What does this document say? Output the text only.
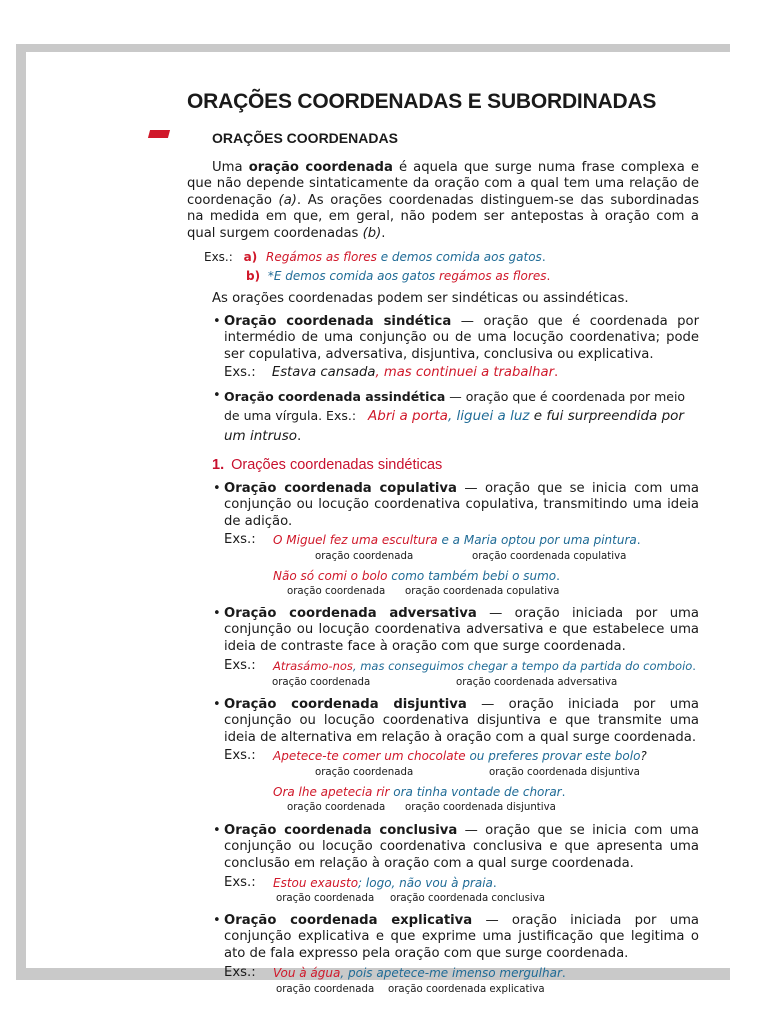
ORAÇÕES COORDENADAS E SUBORDINADAS
ORAÇÕES COORDENADAS
Uma oração coordenada é aquela que surge numa frase complexa e que não depende sintaticamente da oração com a qual tem uma relação de coordenação (a). As orações coordenadas distinguem-se das subordinadas na medida em que, em geral, não podem ser antepostas à oração com a qual surgem coordenadas (b).
Exs.: a) Regámos as flores e demos comida aos gatos.
b) *E demos comida aos gatos regámos as flores.
As orações coordenadas podem ser sindéticas ou assindéticas.
• Oração coordenada sindética — oração que é coordenada por intermédio de uma conjunção ou de uma locução coordenativa; pode ser copulativa, adversativa, disjuntiva, conclusiva ou explicativa.
Exs.: Estava cansada, mas continuei a trabalhar.
• Oração coordenada assindética — oração que é coordenada por meio de uma vírgula. Exs.: Abri a porta, liguei a luz e fui surpreendida por um intruso.
1. Orações coordenadas sindéticas
• Oração coordenada copulativa — oração que se inicia com uma conjunção ou locução coordenativa copulativa, transmitindo uma ideia de adição.
Exs.: O Miguel fez uma escultura e a Maria optou por uma pintura.
oração coordenada	oração coordenada copulativa
Não só comi o bolo como também bebi o sumo.
oração coordenada oração coordenada copulativa
• Oração coordenada adversativa — oração iniciada por uma conjunção ou locução coordenativa adversativa e que estabelece uma ideia de contraste face à oração com que surge coordenada.
Exs.: Atrasámo-nos, mas conseguimos chegar a tempo da partida do comboio.
oração coordenada	oração coordenada adversativa
• Oração coordenada disjuntiva — oração iniciada por uma conjunção ou locução coordenativa disjuntiva e que transmite uma ideia de alternativa em relação à oração com a qual surge coordenada.
Exs.: Apetece-te comer um chocolate ou preferes provar este bolo?
oração coordenada	oração coordenada disjuntiva
Ora lhe apetecia rir ora tinha vontade de chorar.
oração coordenada oração coordenada disjuntiva
• Oração coordenada conclusiva — oração que se inicia com uma conjunção ou locução coordenativa conclusiva e que apresenta uma conclusão em relação à oração com a qual surge coordenada.
Exs.: Estou exausto; logo, não vou à praia.
oração coordenada oração coordenada conclusiva
• Oração coordenada explicativa — oração iniciada por uma conjunção explicativa e que exprime uma justificação que legitima o ato de fala expresso pela oração com que surge coordenada.
Exs.: Vou à água, pois apetece-me imenso mergulhar.
oração coordenada oração coordenada explicativa
